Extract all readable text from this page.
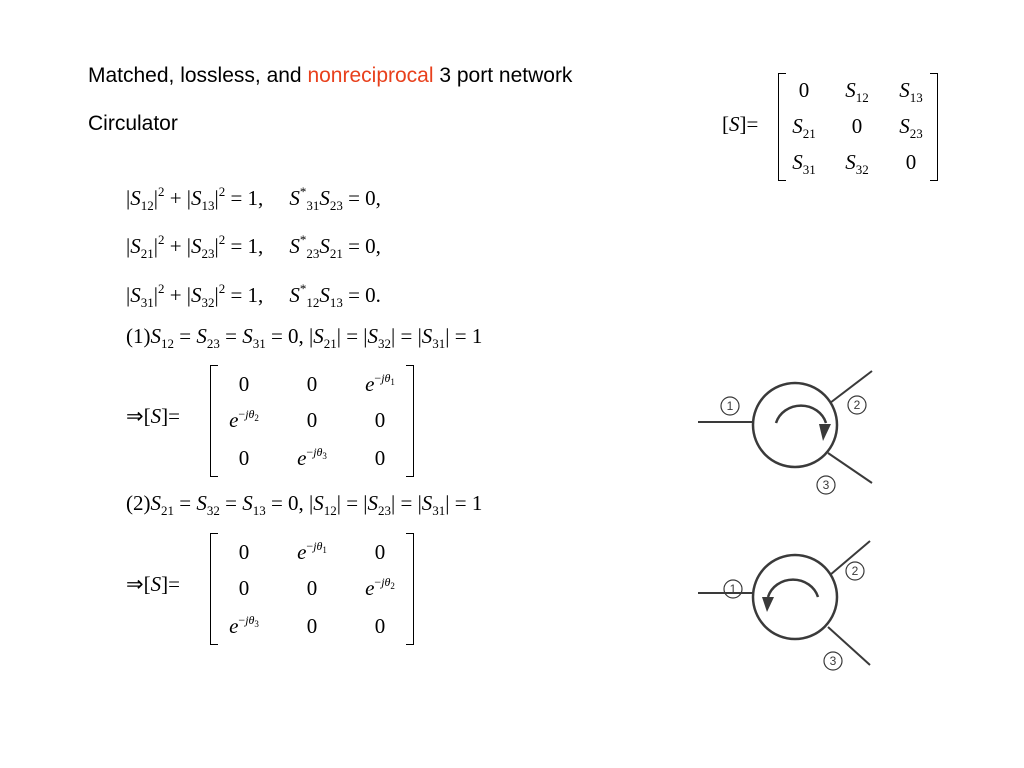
Matched, lossless, and nonreciprocal 3 port network
Circulator	[S]=
0	$S_{12}$	$S_{13}$
$S_{21}$	0	$S_{23}$
$S_{31}$	$S_{32}$	0
$|S_{12}|^2 + |S_{13}|^2 = 1$, $S^*_{31}S_{23} = 0$,
$|S_{21}|^2 + |S_{23}|^2 = 1$, $S^*_{23}S_{21} = 0$,
$|S_{31}|^2 + |S_{32}|^2 = 1$, $S^*_{12}S_{13} = 0$.
$(1)S_{12} = S_{23} = S_{31} = 0$, $|S_{21}| = |S_{32}| = |S_{31}| = 1$
⇒[S]=
0	0	$e^{-j\theta_1}$
$e^{-j\theta_2}$	0	0
0	$e^{-j\theta_3}$	0
$(2)S_{21} = S_{32} = S_{13} = 0$, $|S_{12}| = |S_{23}| = |S_{31}| = 1$
⇒[S]=
0	$e^{-j\theta_1}$	0
0	0	$e^{-j\theta_2}$
$e^{-j\theta_3}$	0	0
1	2
3
1
2
3
